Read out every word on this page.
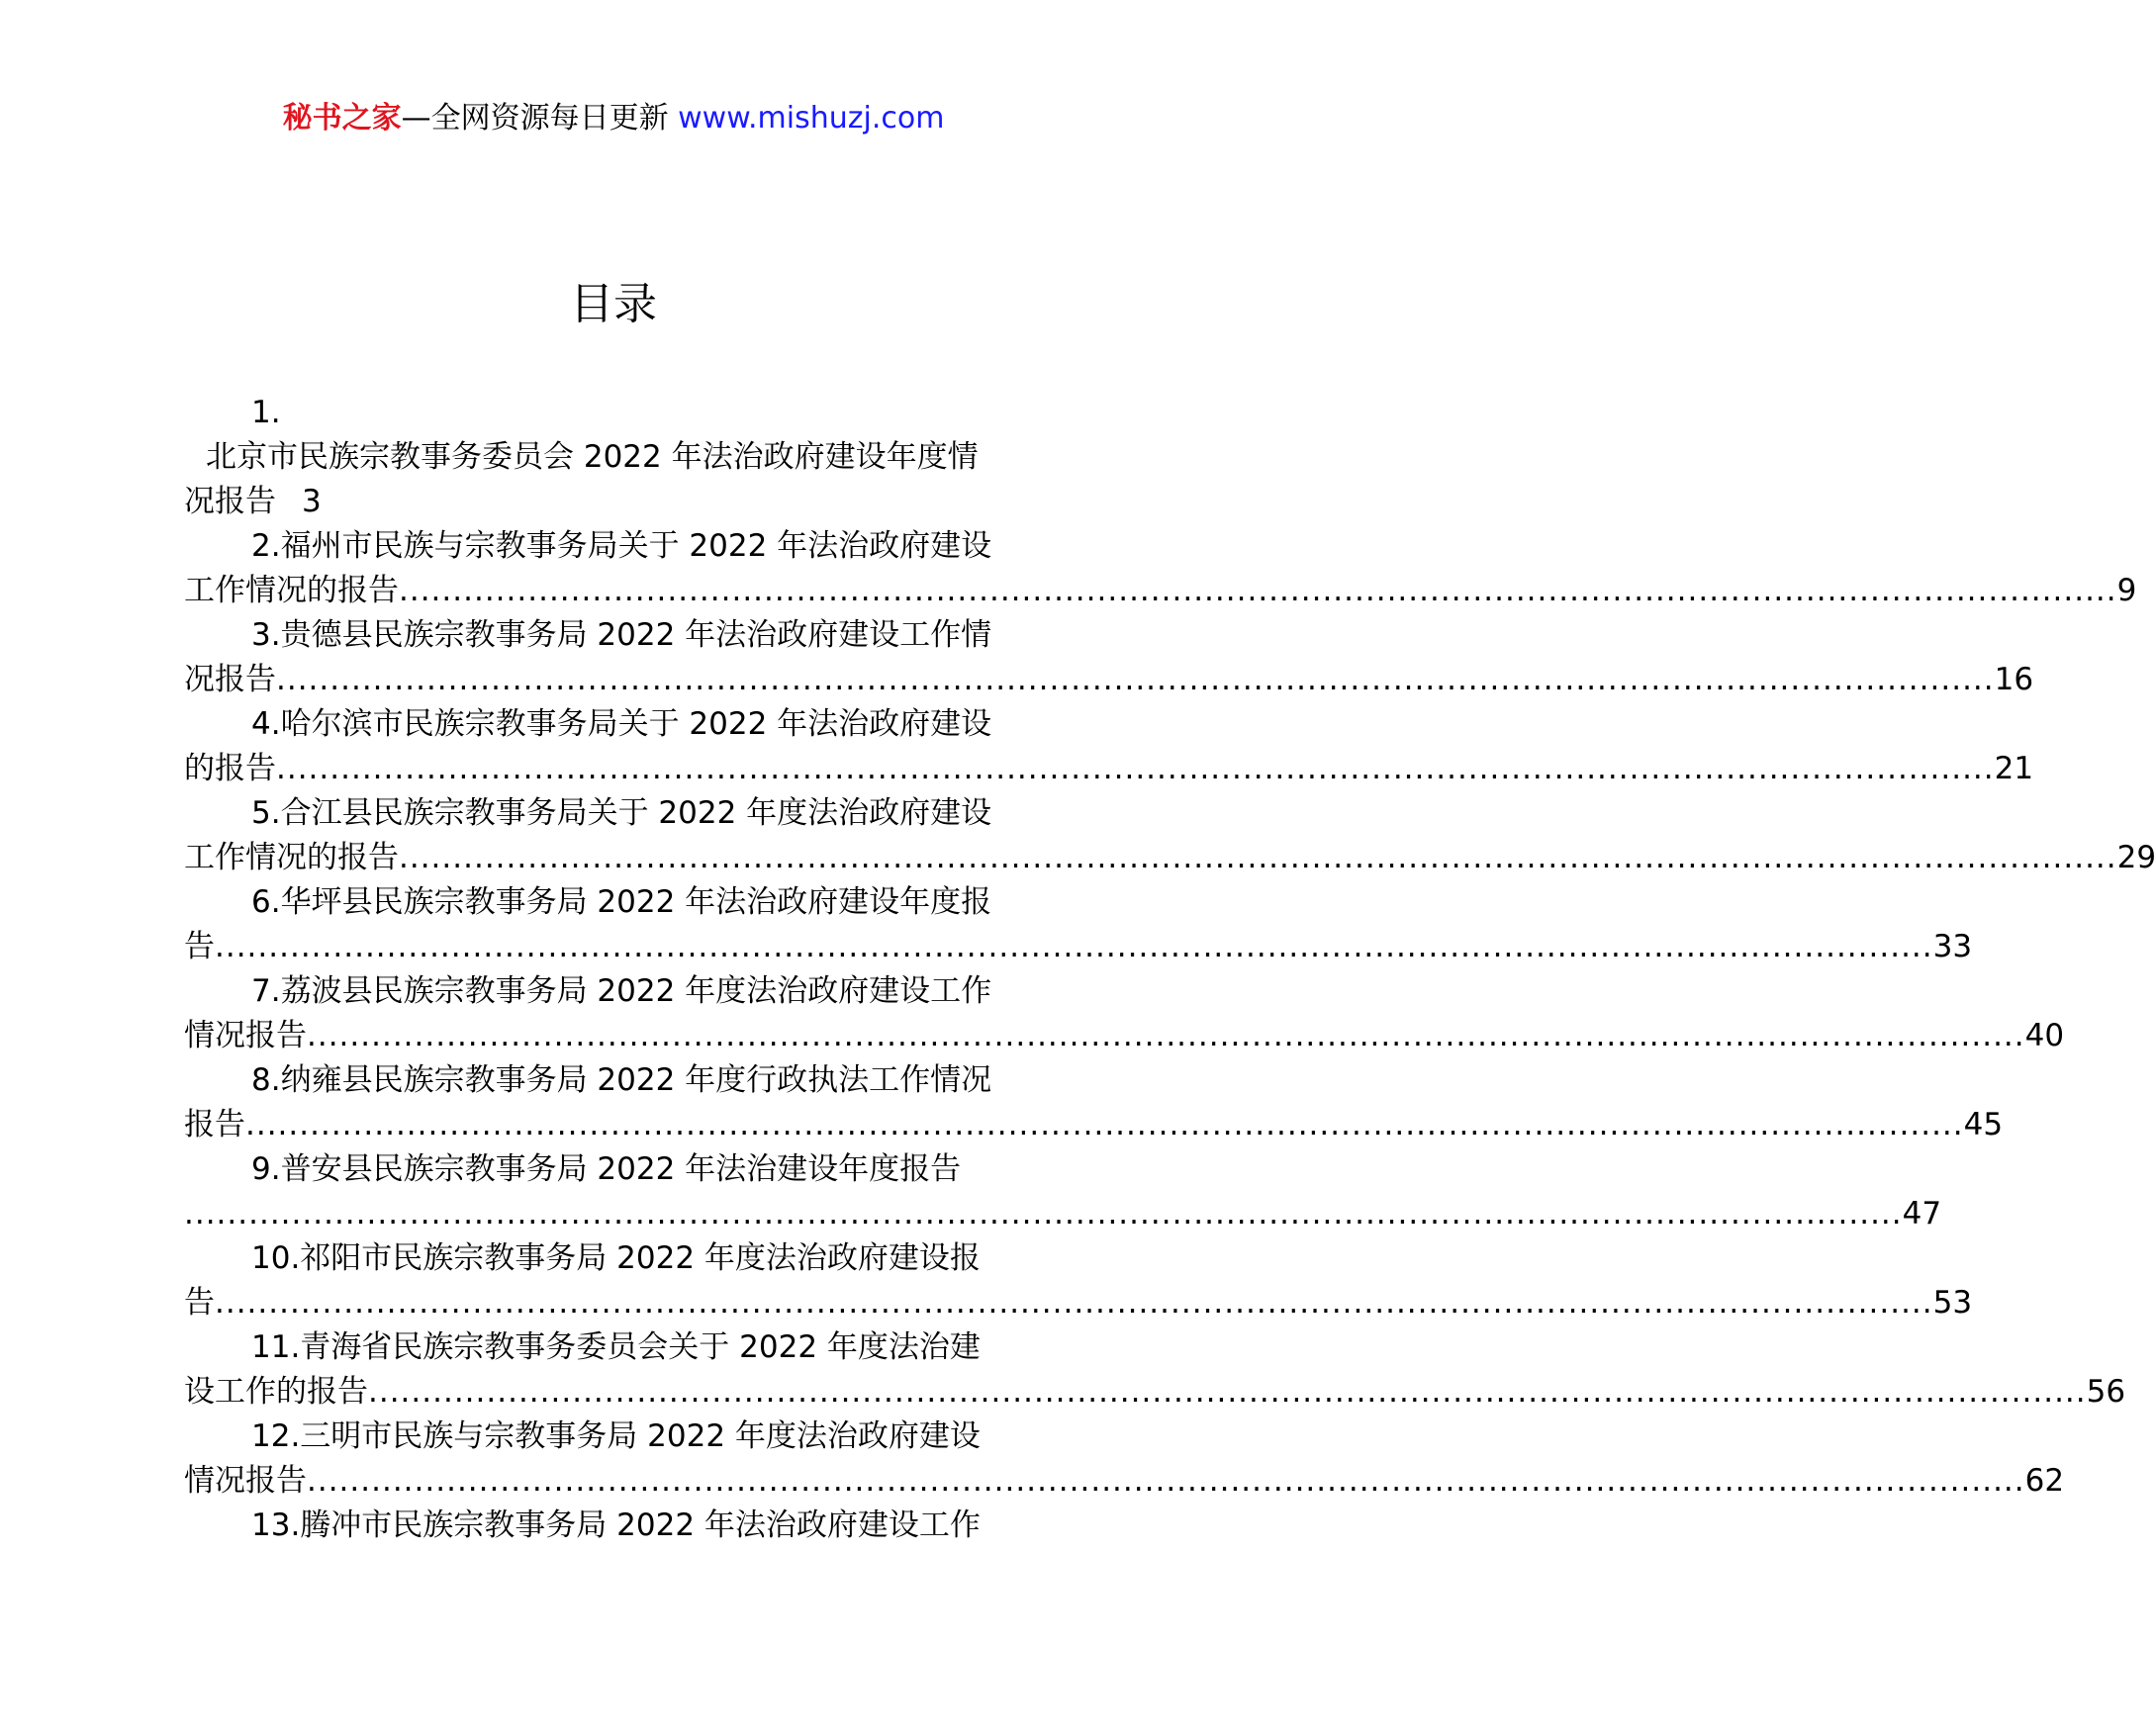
秘书之家—全网资源每日更新 www.mishuzj.com
目录
1.
北京市民族宗教事务委员会 2022 年法治政府建设年度情
况报告 3
2.福州市民族与宗教事务局关于 2022 年法治政府建设
工作情况的报告 ................................................................................................................................................................ 9
3.贵德县民族宗教事务局 2022 年法治政府建设工作情
况报告 ................................................................................................................................................................ 16
4.哈尔滨市民族宗教事务局关于 2022 年法治政府建设
的报告 ................................................................................................................................................................ 21
5.合江县民族宗教事务局关于 2022 年度法治政府建设
工作情况的报告 ................................................................................................................................................................ 29
6.华坪县民族宗教事务局 2022 年法治政府建设年度报
告 ................................................................................................................................................................ 33
7.荔波县民族宗教事务局 2022 年度法治政府建设工作
情况报告 ................................................................................................................................................................ 40
8.纳雍县民族宗教事务局 2022 年度行政执法工作情况
报告 ................................................................................................................................................................ 45
9.普安县民族宗教事务局 2022 年法治建设年度报告
................................................................................................................................................................ 47
10.祁阳市民族宗教事务局 2022 年度法治政府建设报
告 ................................................................................................................................................................ 53
11.青海省民族宗教事务委员会关于 2022 年度法治建
设工作的报告 ................................................................................................................................................................ 56
12.三明市民族与宗教事务局 2022 年度法治政府建设
情况报告 ................................................................................................................................................................ 62
13.腾冲市民族宗教事务局 2022 年法治政府建设工作
